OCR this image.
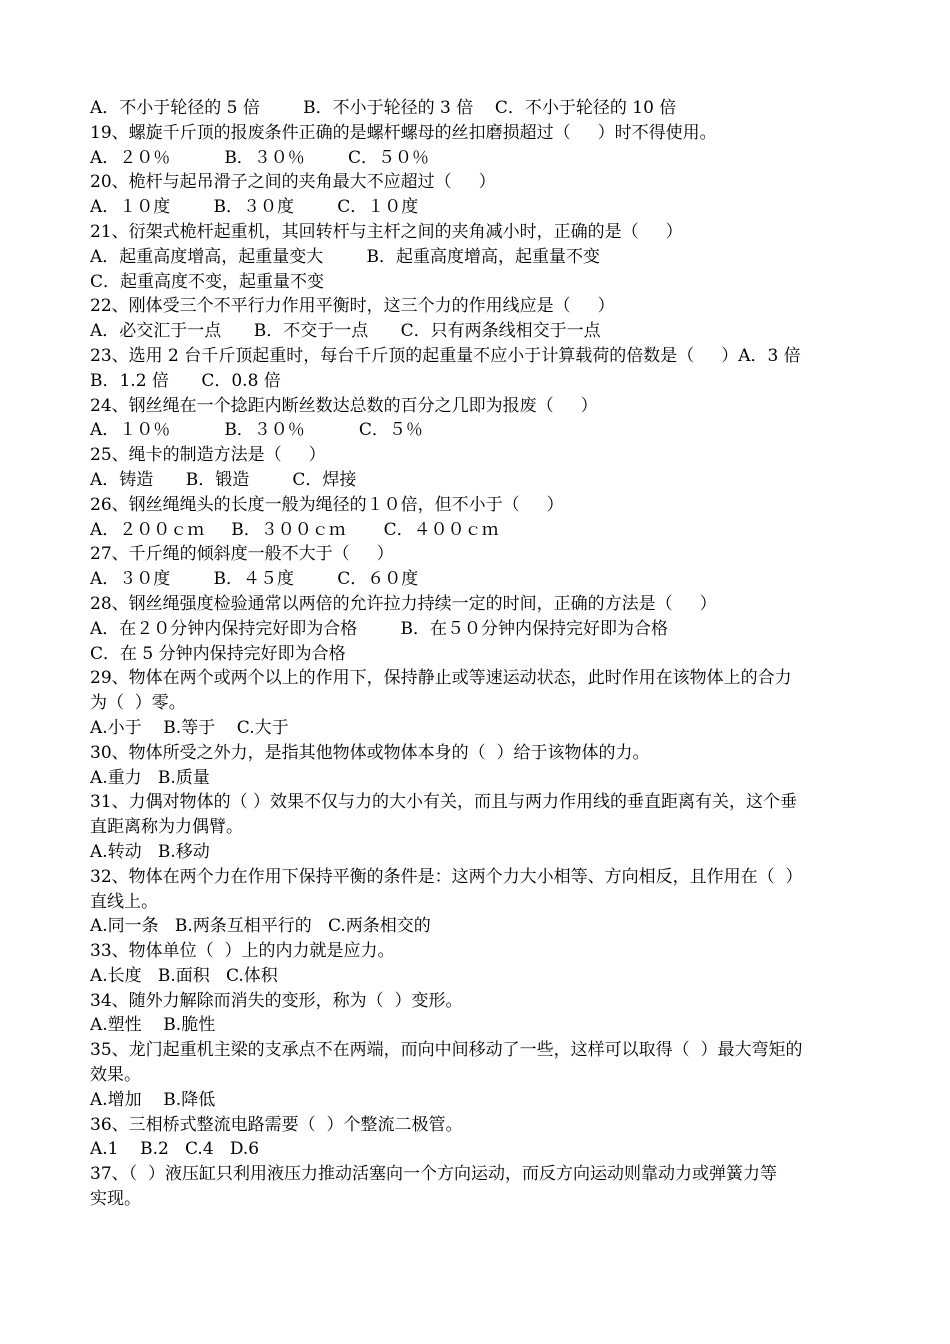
A．不小于轮径的 5 倍        B．不小于轮径的 3 倍    C．不小于轮径的 10 倍
19、螺旋千斤顶的报废条件正确的是螺杆螺母的丝扣磨损超过（     ）时不得使用。
A．２０％          B．３０％        C．５０％
20、桅杆与起吊滑子之间的夹角最大不应超过（     ）
A．１０度        B．３０度        C．１０度
21、衍架式桅杆起重机，其回转杆与主杆之间的夹角减小时，正确的是（     ）
A．起重高度增高，起重量变大        B．起重高度增高，起重量不变
C．起重高度不变，起重量不变
22、刚体受三个不平行力作用平衡时，这三个力的作用线应是（     ）
A．必交汇于一点      B．不交于一点      C．只有两条线相交于一点
23、选用 2 台千斤顶起重时，每台千斤顶的起重量不应小于计算载荷的倍数是（     ）A．3 倍
B．1.2 倍      C．0.8 倍
24、钢丝绳在一个捻距内断丝数达总数的百分之几即为报废（     ）
A．１０％          B．３０％          C．５％
25、绳卡的制造方法是（     ）
A．铸造      B．锻造        C．焊接
26、钢丝绳绳头的长度一般为绳径的１０倍，但不小于（     ）
A．２００ｃｍ     B．３００ｃｍ       C．４００ｃｍ
27、千斤绳的倾斜度一般不大于（     ）
A．３０度        B．４５度        C．６０度
28、钢丝绳强度检验通常以两倍的允许拉力持续一定的时间，正确的方法是（     ）
A．在２０分钟内保持完好即为合格        B．在５０分钟内保持完好即为合格
C．在 5 分钟内保持完好即为合格
29、物体在两个或两个以上的作用下，保持静止或等速运动状态，此时作用在该物体上的合力
为（  ）零。
A.小于    B.等于    C.大于
30、物体所受之外力，是指其他物体或物体本身的（  ）给于该物体的力。
A.重力   B.质量
31、力偶对物体的（ ）效果不仅与力的大小有关，而且与两力作用线的垂直距离有关，这个垂
直距离称为力偶臂。
A.转动   B.移动
32、物体在两个力在作用下保持平衡的条件是：这两个力大小相等、方向相反，且作用在（  ）
直线上。
A.同一条   B.两条互相平行的   C.两条相交的
33、物体单位（  ）上的内力就是应力。
A.长度   B.面积   C.体积
34、随外力解除而消失的变形，称为（  ）变形。
A.塑性    B.脆性
35、龙门起重机主梁的支承点不在两端，而向中间移动了一些，这样可以取得（  ）最大弯矩的
效果。
A.增加    B.降低
36、三相桥式整流电路需要（  ）个整流二极管。
A.1    B.2   C.4   D.6
37、（  ）液压缸只利用液压力推动活塞向一个方向运动，而反方向运动则靠动力或弹簧力等
实现。
